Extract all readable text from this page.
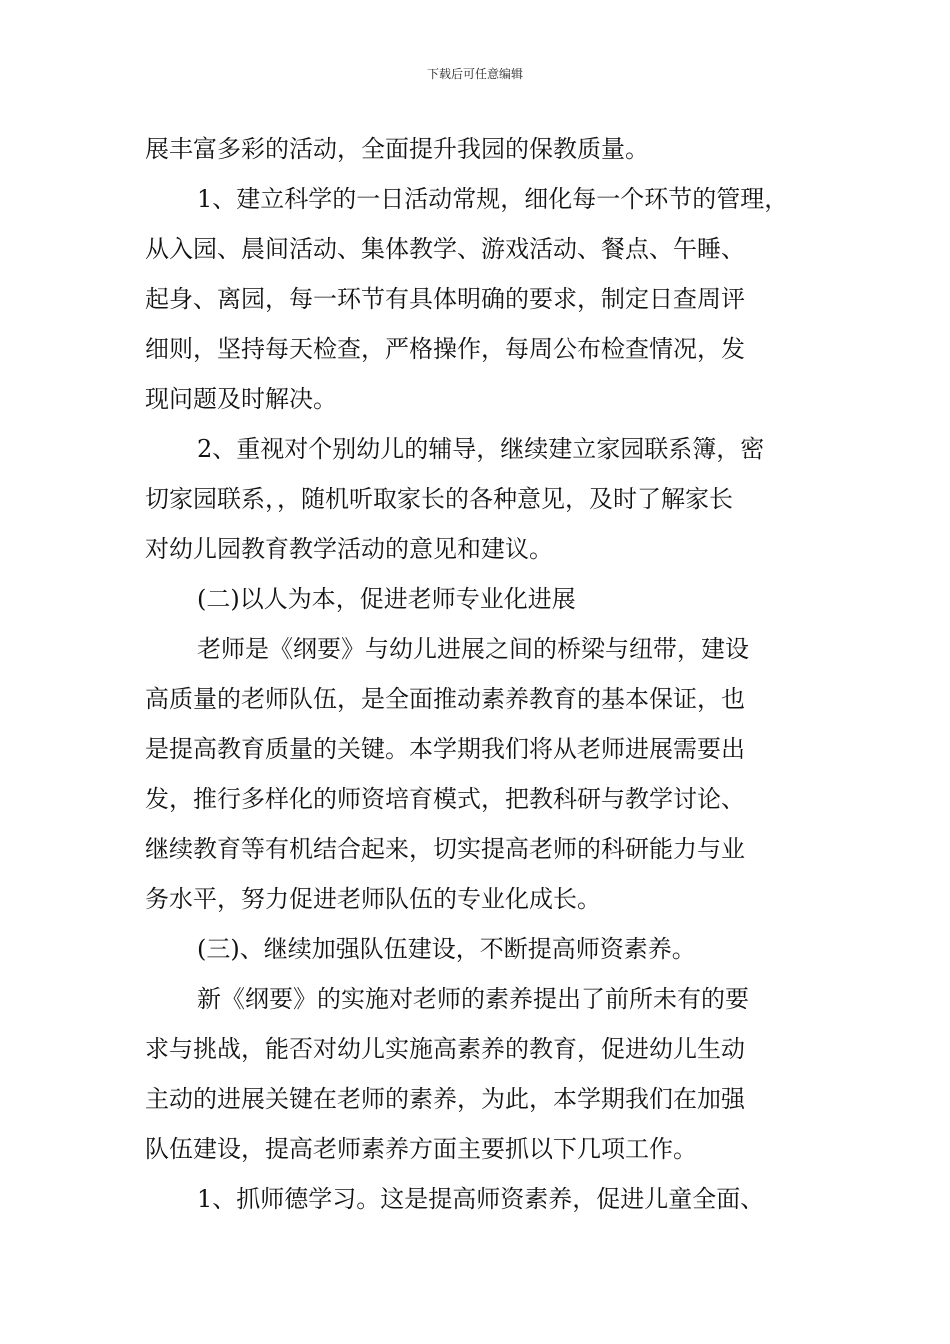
下载后可任意编辑
展丰富多彩的活动，全面提升我园的保教质量。
1、建立科学的一日活动常规，细化每一个环节的管理，
从入园、晨间活动、集体教学、游戏活动、餐点、午睡、
起身、离园，每一环节有具体明确的要求，制定日查周评
细则，坚持每天检查，严格操作，每周公布检查情况，发
现问题及时解决。
2、重视对个别幼儿的辅导，继续建立家园联系簿，密
切家园联系，，随机听取家长的各种意见，及时了解家长
对幼儿园教育教学活动的意见和建议。
(二)以人为本，促进老师专业化进展
老师是《纲要》与幼儿进展之间的桥梁与纽带，建设
高质量的老师队伍，是全面推动素养教育的基本保证，也
是提高教育质量的关键。本学期我们将从老师进展需要出
发，推行多样化的师资培育模式，把教科研与教学讨论、
继续教育等有机结合起来，切实提高老师的科研能力与业
务水平，努力促进老师队伍的专业化成长。
(三)、继续加强队伍建设，不断提高师资素养。
新《纲要》的实施对老师的素养提出了前所未有的要
求与挑战，能否对幼儿实施高素养的教育，促进幼儿生动
主动的进展关键在老师的素养，为此，本学期我们在加强
队伍建设，提高老师素养方面主要抓以下几项工作。
1、抓师德学习。这是提高师资素养，促进儿童全面、
